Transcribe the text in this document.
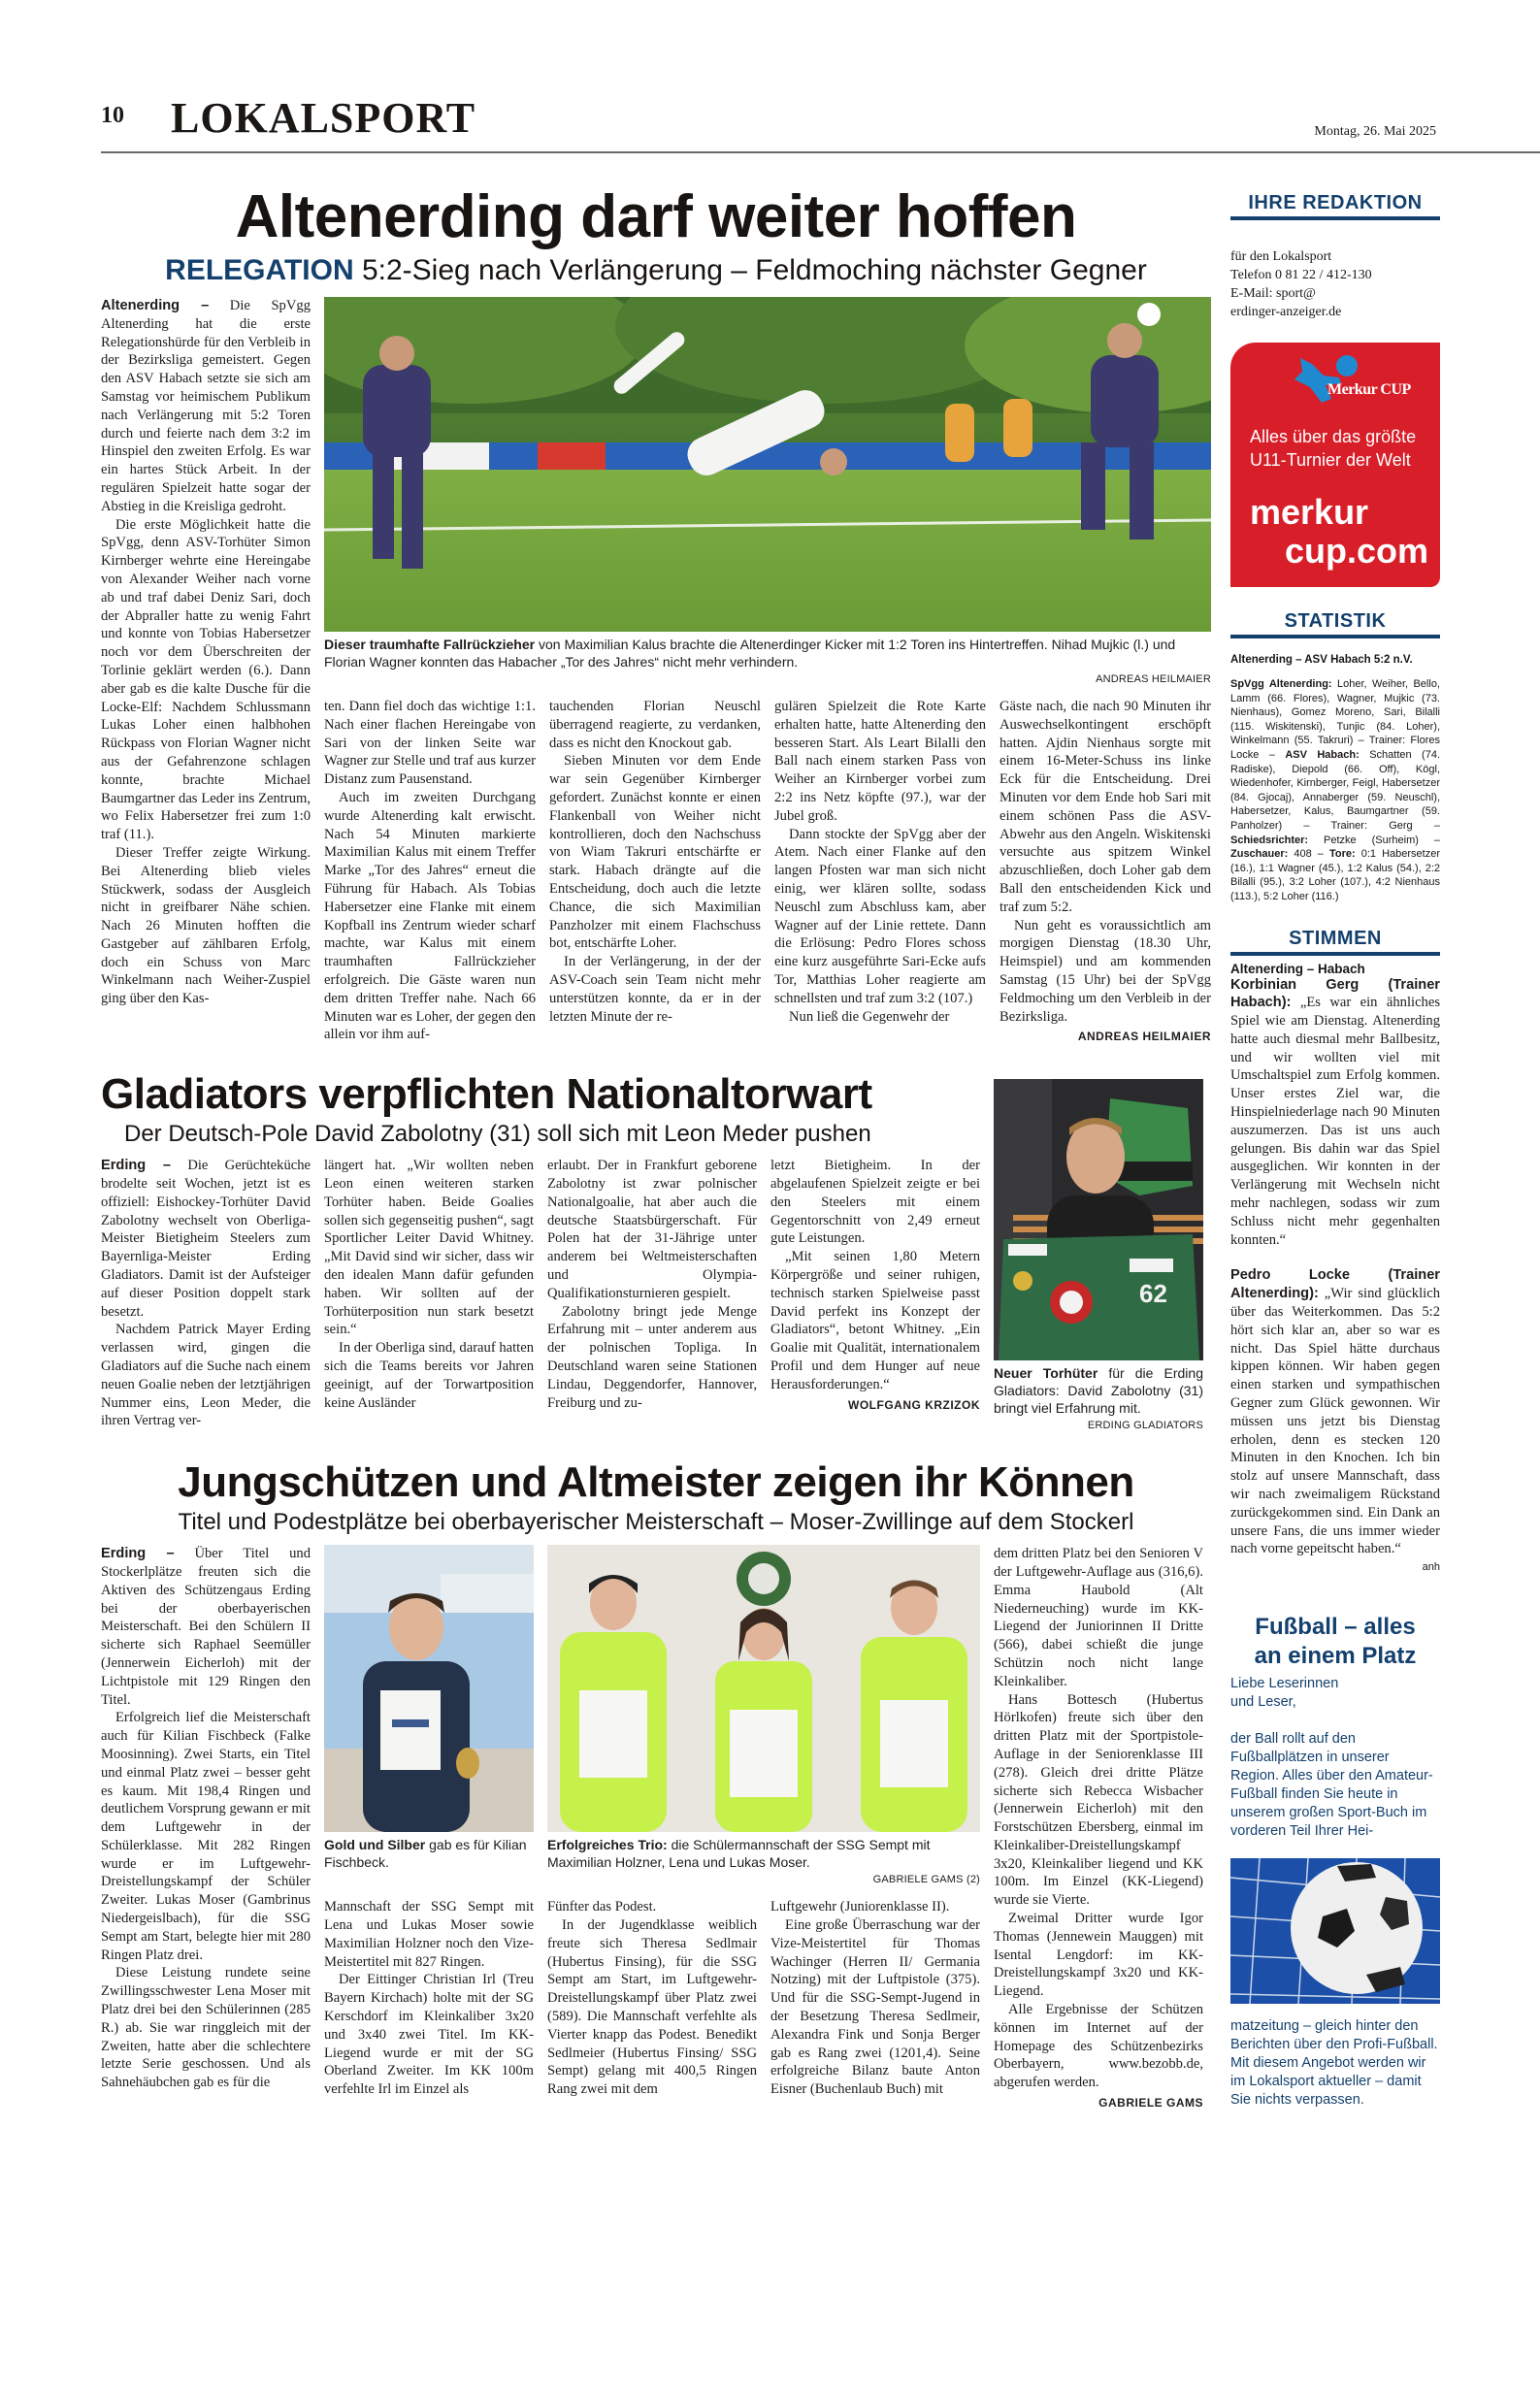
10 LOKALSPORT	Montag, 26. Mai 2025
Altenerding darf weiter hoffen
RELEGATION 5:2-Sieg nach Verlängerung – Feldmoching nächster Gegner

Altenerding – Die SpVgg Altenerding hat die erste Relegationshürde für den Verbleib in der Bezirksliga gemeistert. Gegen den ASV Habach setzte sie sich am Samstag vor heimischem Publikum nach Verlängerung mit 5:2 Toren durch und feierte nach dem 3:2 im Hinspiel den zweiten Erfolg. Es war ein hartes Stück Arbeit. In der regulären Spielzeit hatte sogar der Abstieg in die Kreisliga gedroht.

Die erste Möglichkeit hatte die SpVgg, denn ASV-Torhüter Simon Kirnberger wehrte eine Hereingabe von Alexander Weiher nach vorne ab und traf dabei Deniz Sari, doch der Abpraller hatte zu wenig Fahrt und konnte von Tobias Habersetzer noch vor dem Überschreiten der Torlinie geklärt werden (6.). Dann aber gab es die kalte Dusche für die Locke-Elf: Nachdem Schlussmann Lukas Loher einen halbhohen Rückpass von Florian Wagner nicht aus der Gefahrenzone schlagen konnte, brachte Michael Baumgartner das Leder ins Zentrum, wo Felix Habersetzer frei zum 1:0 traf (11.).

Dieser Treffer zeigte Wirkung. Bei Altenerding blieb vieles Stückwerk, sodass der Ausgleich nicht in greifbarer Nähe schien. Nach 26 Minuten hofften die Gastgeber auf zählbaren Erfolg, doch ein Schuss von Marc Winkelmann nach Weiher-Zuspiel ging über den Kas-

Dieser traumhafte Fallrückzieher von Maximilian Kalus brachte die Altenerdinger Kicker mit 1:2 Toren ins Hintertreffen. Nihad Mujkic (l.) und Florian Wagner konnten das Habacher „Tor des Jahres“ nicht mehr verhindern.
ANDREAS HEILMAIER

ten. Dann fiel doch das wichtige 1:1. Nach einer flachen Hereingabe von Sari von der linken Seite war Wagner zur Stelle und traf aus kurzer Distanz zum Pausenstand.

Auch im zweiten Durchgang wurde Altenerding kalt erwischt. Nach 54 Minuten markierte Maximilian Kalus mit einem Treffer Marke „Tor des Jahres“ erneut die Führung für Habach. Als Tobias Habersetzer eine Flanke mit einem Kopfball ins Zentrum wieder scharf machte, war Kalus mit einem traumhaften Fallrückzieher erfolgreich. Die Gäste waren nun dem dritten Treffer nahe. Nach 66 Minuten war es Loher, der gegen den allein vor ihm auf-

tauchenden Florian Neuschl überragend reagierte, zu verdanken, dass es nicht den Knockout gab.

Sieben Minuten vor dem Ende war sein Gegenüber Kirnberger gefordert. Zunächst konnte er einen Flankenball von Weiher nicht kontrollieren, doch den Nachschuss von Wiam Takruri entschärfte er stark. Habach drängte auf die Entscheidung, doch auch die letzte Chance, die sich Maximilian Panzholzer mit einem Flachschuss bot, entschärfte Loher.

In der Verlängerung, in der der ASV-Coach sein Team nicht mehr unterstützen konnte, da er in der letzten Minute der re-

gulären Spielzeit die Rote Karte erhalten hatte, hatte Altenerding den besseren Start. Als Leart Bilalli den Ball nach einem starken Pass von Weiher an Kirnberger vorbei zum 2:2 ins Netz köpfte (97.), war der Jubel groß.

Dann stockte der SpVgg aber der Atem. Nach einer Flanke auf den langen Pfosten war man sich nicht einig, wer klären sollte, sodass Neuschl zum Abschluss kam, aber Wagner auf der Linie rettete. Dann die Erlösung: Pedro Flores schoss eine kurz ausgeführte Sari-Ecke aufs Tor, Matthias Loher reagierte am schnellsten und traf zum 3:2 (107.)

Nun ließ die Gegenwehr der

Gäste nach, die nach 90 Minuten ihr Auswechselkontingent erschöpft hatten. Ajdin Nienhaus sorgte mit einem 16-Meter-Schuss ins linke Eck für die Entscheidung. Drei Minuten vor dem Ende hob Sari mit einem schönen Pass die ASV-Abwehr aus den Angeln. Wiskitenski versuchte aus spitzem Winkel abzuschließen, doch Loher gab dem Ball den entscheidenden Kick und traf zum 5:2.

Nun geht es voraussichtlich am morgigen Dienstag (18.30 Uhr, Heimspiel) und am kommenden Samstag (15 Uhr) bei der SpVgg Feldmoching um den Verbleib in der Bezirksliga.

ANDREAS HEILMAIER
Gladiators verpflichten Nationaltorwart
Der Deutsch-Pole David Zabolotny (31) soll sich mit Leon Meder pushen

Erding – Die Gerüchteküche brodelte seit Wochen, jetzt ist es offiziell: Eishockey-Torhüter David Zabolotny wechselt von Oberliga-Meister Bietigheim Steelers zum Bayernliga-Meister Erding Gladiators. Damit ist der Aufsteiger auf dieser Position doppelt stark besetzt.

Nachdem Patrick Mayer Erding verlassen wird, gingen die Gladiators auf die Suche nach einem neuen Goalie neben der letztjährigen Nummer eins, Leon Meder, die ihren Vertrag ver-

längert hat. „Wir wollten neben Leon einen weiteren starken Torhüter haben. Beide Goalies sollen sich gegenseitig pushen“, sagt Sportlicher Leiter David Whitney. „Mit David sind wir sicher, dass wir den idealen Mann dafür gefunden haben. Wir sollten auf der Torhüterposition nun stark besetzt sein.“

In der Oberliga sind, darauf hatten sich die Teams bereits vor Jahren geeinigt, auf der Torwartposition keine Ausländer

erlaubt. Der in Frankfurt geborene Zabolotny ist zwar polnischer Nationalgoalie, hat aber auch die deutsche Staatsbürgerschaft. Für Polen hat der 31-Jährige unter anderem bei Weltmeisterschaften und Olympia-Qualifikationsturnieren gespielt.

Zabolotny bringt jede Menge Erfahrung mit – unter anderem aus der polnischen Topliga. In Deutschland waren seine Stationen Lindau, Deggendorfer, Hannover, Freiburg und zu-

letzt Bietigheim. In der abgelaufenen Spielzeit zeigte er bei den Steelers mit einem Gegentorschnitt von 2,49 erneut gute Leistungen.

„Mit seinen 1,80 Metern Körpergröße und seiner ruhigen, technisch starken Spielweise passt David perfekt ins Konzept der Gladiators“, betont Whitney. „Ein Goalie mit Qualität, internationalem Profil und dem Hunger auf neue Herausforderungen.“

WOLFGANG KRZIZOK
62
Neuer Torhüter für die Erding Gladiators: David Zabolotny (31) bringt viel Erfahrung mit.
ERDING GLADIATORS
Jungschützen und Altmeister zeigen ihr Können
Titel und Podestplätze bei oberbayerischer Meisterschaft – Moser-Zwillinge auf dem Stockerl

Erding – Über Titel und Stockerlplätze freuten sich die Aktiven des Schützengaus Erding bei der oberbayerischen Meisterschaft. Bei den Schülern II sicherte sich Raphael Seemüller (Jennerwein Eicherloh) mit der Lichtpistole mit 129 Ringen den Titel.

Erfolgreich lief die Meisterschaft auch für Kilian Fischbeck (Falke Moosinning). Zwei Starts, ein Titel und einmal Platz zwei – besser geht es kaum. Mit 198,4 Ringen und deutlichem Vorsprung gewann er mit dem Luftgewehr in der Schülerklasse. Mit 282 Ringen wurde er im Luftgewehr-Dreistellungskampf der Schüler Zweiter. Lukas Moser (Gambrinus Niedergeislbach), für die SSG Sempt am Start, belegte hier mit 280 Ringen Platz drei.

Diese Leistung rundete seine Zwillingsschwester Lena Moser mit Platz drei bei den Schülerinnen (285 R.) ab. Sie war ringgleich mit der Zweiten, hatte aber die schlechtere letzte Serie geschossen. Und als Sahnehäubchen gab es für die

Gold und Silber gab es für Kilian Fischbeck.
Erfolgreiches Trio: die Schülermannschaft der SSG Sempt mit Maximilian Holzner, Lena und Lukas Moser.
GABRIELE GAMS (2)

Mannschaft der SSG Sempt mit Lena und Lukas Moser sowie Maximilian Holzner noch den Vize-Meistertitel mit 827 Ringen.

Der Eittinger Christian Irl (Treu Bayern Kirchach) holte mit der SG Kerschdorf im Kleinkaliber 3x20 und 3x40 zwei Titel. Im KK-Liegend wurde er mit der SG Oberland Zweiter. Im KK 100m verfehlte Irl im Einzel als

Fünfter das Podest.

In der Jugendklasse weiblich freute sich Theresa Sedlmair (Hubertus Finsing), für die SSG Sempt am Start, im Luftgewehr-Dreistellungskampf über Platz zwei (589). Die Mannschaft verfehlte als Vierter knapp das Podest. Benedikt Sedlmeier (Hubertus Finsing/ SSG Sempt) gelang mit 400,5 Ringen Rang zwei mit dem

Luftgewehr (Juniorenklasse II).

Eine große Überraschung war der Vize-Meistertitel für Thomas Wachinger (Herren II/ Germania Notzing) mit der Luftpistole (375). Und für die SSG-Sempt-Jugend in der Besetzung Theresa Sedlmeir, Alexandra Fink und Sonja Berger gab es Rang zwei (1201,4). Seine erfolgreiche Bilanz baute Anton Eisner (Buchenlaub Buch) mit

dem dritten Platz bei den Senioren V der Luftgewehr-Auflage aus (316,6). Emma Haubold (Alt Niederneuching) wurde im KK-Liegend der Juniorinnen II Dritte (566), dabei schießt die junge Schützin noch nicht lange Kleinkaliber.

Hans Bottesch (Hubertus Hörlkofen) freute sich über den dritten Platz mit der Sportpistole-Auflage in der Seniorenklasse III (278). Gleich drei dritte Plätze sicherte sich Rebecca Wisbacher (Jennerwein Eicherloh) mit den Forstschützen Ebersberg, einmal im Kleinkaliber-Dreistellungskampf 3x20, Kleinkaliber liegend und KK 100m. Im Einzel (KK-Liegend) wurde sie Vierte.

Zweimal Dritter wurde Igor Thomas (Jennewein Mauggen) mit Isental Lengdorf: im KK-Dreistellungskampf 3x20 und KK-Liegend.

Alle Ergebnisse der Schützen können im Internet auf der Homepage des Schützenbezirks Oberbayern, www.bezobb.de, abgerufen werden.

GABRIELE GAMS
IHRE REDAKTION
für den Lokalsport
Telefon 0 81 22 / 412-130
E-Mail: sport@
erdinger-anzeiger.de
Merkur CUP
Alles über das größte
U11-Turnier der Welt
merkur
cup.com
STATISTIK
Altenerding – ASV Habach 5:2 n.V.
SpVgg Altenerding: Loher, Weiher, Bello, Lamm (66. Flores), Wagner, Mujkic (73. Nienhaus), Gomez Moreno, Sari, Bilalli (115. Wiskitenski), Tunjic (84. Loher), Winkelmann (55. Takruri) – Trainer: Flores Locke – ASV Habach: Schatten (74. Radiske), Diepold (66. Off), Kögl, Wiedenhofer, Kirnberger, Feigl, Habersetzer (84. Gjocaj), Annaberger (59. Neuschl), Habersetzer, Kalus, Baumgartner (59. Panholzer) – Trainer: Gerg – Schiedsrichter: Petzke (Surheim) – Zuschauer: 408 – Tore: 0:1 Habersetzer (16.), 1:1 Wagner (45.), 1:2 Kalus (54.), 2:2 Bilalli (95.), 3:2 Loher (107.), 4:2 Nienhaus (113.), 5:2 Loher (116.)
STIMMEN
Altenerding – Habach
Korbinian Gerg (Trainer Habach): „Es war ein ähnliches Spiel wie am Dienstag. Altenerding hatte auch diesmal mehr Ballbesitz, und wir wollten viel mit Umschaltspiel zum Erfolg kommen. Unser erstes Ziel war, die Hinspielniederlage nach 90 Minuten auszumerzen. Das ist uns auch gelungen. Bis dahin war das Spiel ausgeglichen. Wir konnten in der Verlängerung mit Wechseln nicht mehr nachlegen, sodass wir zum Schluss nicht mehr gegenhalten konnten.“
Pedro Locke (Trainer Altenerding): „Wir sind glücklich über das Weiterkommen. Das 5:2 hört sich klar an, aber so war es nicht. Das Spiel hätte durchaus kippen können. Wir haben gegen einen starken und sympathischen Gegner zum Glück gewonnen. Wir müssen uns jetzt bis Dienstag erholen, denn es stecken 120 Minuten in den Knochen. Ich bin stolz auf unsere Mannschaft, dass wir nach zweimaligem Rückstand zurückgekommen sind. Ein Dank an unsere Fans, die uns immer wieder nach vorne gepeitscht haben.“
anh
Fußball – alles
an einem Platz
Liebe Leserinnen
und Leser,
der Ball rollt auf den Fußballplätzen in unserer Region. Alles über den Amateur-Fußball finden Sie heute in unserem großen Sport-Buch im vorderen Teil Ihrer Hei-
matzeitung – gleich hinter den Berichten über den Profi-Fußball. Mit diesem Angebot werden wir im Lokalsport aktueller – damit Sie nichts verpassen.
